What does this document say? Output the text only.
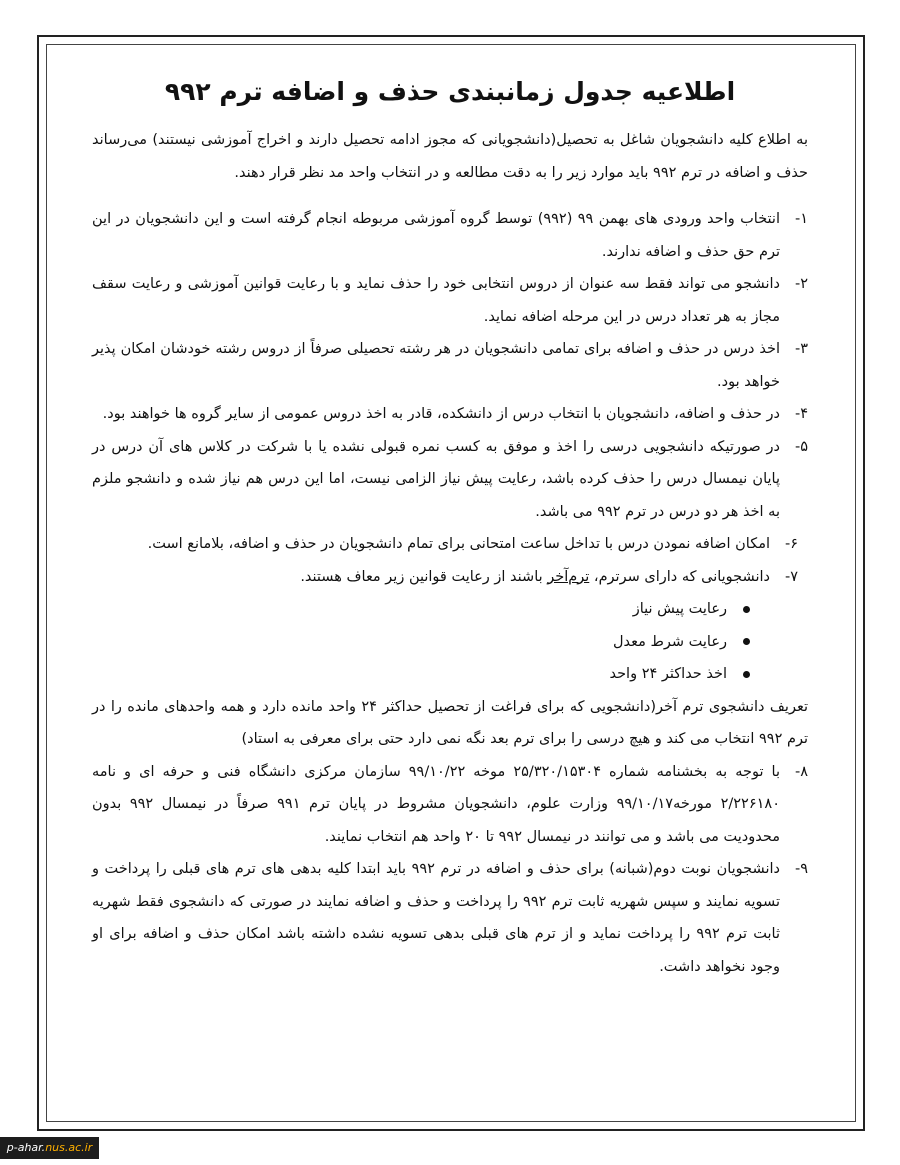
اطلاعیه جدول زمانبندی حذف و اضافه ترم ۹۹۲

به اطلاع کلیه دانشجویان شاغل به تحصیل(دانشجویانی که مجوز ادامه تحصیل دارند و اخراج آموزشی نیستند) می‌رساند حذف و اضافه در ترم ۹۹۲ باید موارد زیر را به دقت مطالعه و در انتخاب واحد مد نظر قرار دهند.

۱-
انتخاب واحد ورودی های بهمن ۹۹ (۹۹۲) توسط گروه آموزشی مربوطه انجام گرفته است و این دانشجویان در این ترم حق حذف و اضافه ندارند.
۲-
دانشجو می تواند فقط سه عنوان از دروس انتخابی خود را حذف نماید و با رعایت قوانین آموزشی و رعایت سقف مجاز به هر تعداد درس در این مرحله اضافه نماید.
۳-
اخذ درس در حذف و اضافه برای تمامی دانشجویان در هر رشته تحصیلی صرفاً از دروس رشته خودشان امکان پذیر خواهد بود.
۴-
در حذف و اضافه، دانشجویان با انتخاب درس از دانشکده، قادر به اخذ دروس عمومی از سایر گروه ها خواهند بود.
۵-
در صورتیکه دانشجویی درسی را اخذ و موفق به کسب نمره قبولی نشده یا با شرکت در کلاس های آن درس در پایان نیمسال درس را حذف کرده باشد، رعایت پیش نیاز الزامی نیست، اما این درس هم نیاز شده و دانشجو ملزم به اخذ هر دو درس در ترم ۹۹۲ می باشد.
۶-
امکان اضافه نمودن درس با تداخل ساعت امتحانی برای تمام دانشجویان در حذف و اضافه، بلامانع است.
۷-
دانشجویانی که دارای سرترم، ترم‌آخر باشند از رعایت قوانین زیر معاف هستند.
رعایت پیش نیاز
رعایت شرط معدل
اخذ حداکثر ۲۴ واحد

تعریف دانشجوی ترم آخر(دانشجویی که برای فراغت از تحصیل حداکثر ۲۴ واحد مانده دارد و همه واحدهای مانده را در ترم ۹۹۲ انتخاب می کند و هیچ درسی را برای ترم بعد نگه نمی دارد حتی برای معرفی به استاد)

۸-
با توجه به بخشنامه شماره ۲۵/۳۲۰/۱۵۳۰۴ موخه ۹۹/۱۰/۲۲ سازمان مرکزی دانشگاه فنی و حرفه ای و نامه ۲/۲۲۶۱۸۰ مورخه۹۹/۱۰/۱۷ وزارت علوم، دانشجویان مشروط در پایان ترم ۹۹۱ صرفاً در نیمسال ۹۹۲ بدون محدودیت می باشد و می توانند در نیمسال ۹۹۲ تا ۲۰ واحد هم انتخاب نمایند.
۹-
دانشجویان نوبت دوم(شبانه) برای حذف و اضافه در ترم ۹۹۲ باید ابتدا کلیه بدهی های ترم های قبلی را پرداخت و تسویه نمایند و سپس شهریه ثابت ترم ۹۹۲ را پرداخت و حذف و اضافه نمایند در صورتی که دانشجوی فقط شهریه ثابت ترم ۹۹۲ را پرداخت نماید و از ترم های قبلی بدهی تسویه نشده داشته باشد امکان حذف و اضافه برای او وجود نخواهد داشت.
p-ahar.nus.ac.ir
